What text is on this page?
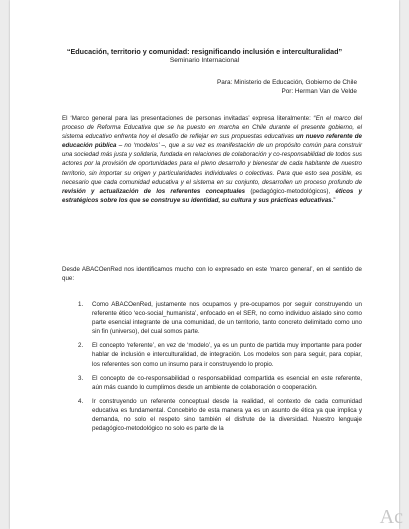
“Educación, territorio y comunidad: resignificando inclusión e interculturalidad”
Seminario Internacional
Para: Ministerio de Educación, Gobierno de Chile
Por: Herman Van de Velde
El ‘Marco general para las presentaciones de personas invitadas’ expresa literalmente: “En el marco del proceso de Reforma Educativa que se ha puesto en marcha en Chile durante el presente gobierno, el sistema educativo enfrenta hoy el desafío de reflejar en sus propuestas educativas un nuevo referente de educación pública – no ‘modelos’ –, que a su vez es manifestación de un propósito común para construir una sociedad más justa y solidaria, fundada en relaciones de colaboración y co-responsabilidad de todos sus actores por la provisión de oportunidades para el pleno desarrollo y bienestar de cada habitante de nuestro territorio, sin importar su origen y particularidades individuales o colectivas. Para que esto sea posible, es necesario que cada comunidad educativa y el sistema en su conjunto, desarrollen un proceso profundo de revisión y actualización de los referentes conceptuales (pedagógico-metodológicos), éticos y estratégicos sobre los que se construye su identidad, su cultura y sus prácticas educativas.”
Desde ABACOenRed nos identificamos mucho con lo expresado en este ‘marco general’, en el sentido de que:
1. Como ABACOenRed, justamente nos ocupamos y pre-ocupamos por seguir construyendo un referente ético ‘eco-social_humanista’, enfocado en el SER, no como individuo aislado sino como parte esencial integrante de una comunidad, de un territorio, tanto concreto delimitado como uno sin fin (universo), del cual somos parte.
2. El concepto ‘referente’, en vez de ‘modelo’, ya es un punto de partida muy importante para poder hablar de inclusión e interculturalidad, de integración. Los modelos son para seguir, para copiar, los referentes son como un insumo para ir construyendo lo propio.
3. El concepto de co-responsabilidad o responsabilidad compartida es esencial en este referente, aún más cuando lo cumplimos desde un ambiente de colaboración o cooperación.
4. Ir construyendo un referente conceptual desde la realidad, el contexto de cada comunidad educativa es fundamental. Concebirlo de esta manera ya es un asunto de ética ya que implica y demanda, no solo el respeto sino también el disfrute de la diversidad. Nuestro lenguaje pedagógico-metodológico no solo es parte de la
Ac
